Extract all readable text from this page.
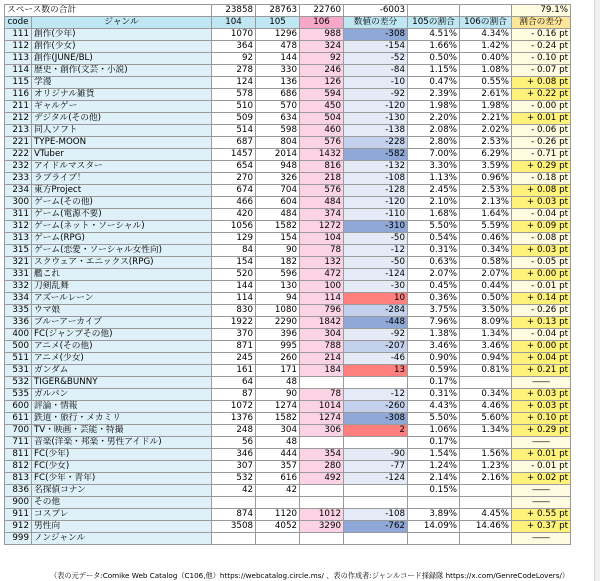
スペース数の合計		23858	28763	22760	-6003			79.1%
code	ジャンル	104	105	106	数値の差分	105の割合	106の割合	割合の差分
111	創作(少年)	1070	1296	988	-308	4.51%	4.34%	- 0.16 pt
112	創作(少女)	364	478	324	-154	1.66%	1.42%	- 0.24 pt
113	創作(JUNE/BL)	92	144	92	-52	0.50%	0.40%	- 0.10 pt
114	歴史・創作(文芸・小説)	278	330	246	-84	1.15%	1.08%	- 0.07 pt
115	学漫	124	136	126	-10	0.47%	0.55%	+ 0.08 pt
116	オリジナル雑貨	578	686	594	-92	2.39%	2.61%	+ 0.22 pt
211	ギャルゲー	510	570	450	-120	1.98%	1.98%	- 0.00 pt
212	デジタル(その他)	509	634	504	-130	2.20%	2.21%	+ 0.01 pt
213	同人ソフト	514	598	460	-138	2.08%	2.02%	- 0.06 pt
221	TYPE-MOON	687	804	576	-228	2.80%	2.53%	- 0.26 pt
222	VTuber	1457	2014	1432	-582	7.00%	6.29%	- 0.71 pt
232	アイドルマスター	654	948	816	-132	3.30%	3.59%	+ 0.29 pt
233	ラブライブ！	270	326	218	-108	1.13%	0.96%	- 0.18 pt
234	東方Project	674	704	576	-128	2.45%	2.53%	+ 0.08 pt
300	ゲーム(その他)	466	604	484	-120	2.10%	2.13%	+ 0.03 pt
311	ゲーム(電源不要)	420	484	374	-110	1.68%	1.64%	- 0.04 pt
312	ゲーム(ネット・ソーシャル)	1056	1582	1272	-310	5.50%	5.59%	+ 0.09 pt
313	ゲーム(RPG)	129	154	104	-50	0.54%	0.46%	- 0.08 pt
315	ゲーム(恋愛・ソーシャル女性向)	84	90	78	-12	0.31%	0.34%	+ 0.03 pt
321	スクウェア・エニックス(RPG)	154	182	132	-50	0.63%	0.58%	- 0.05 pt
331	艦これ	520	596	472	-124	2.07%	2.07%	+ 0.00 pt
332	刀剣乱舞	144	130	100	-30	0.45%	0.44%	- 0.01 pt
334	アズールレーン	114	94	114	10	0.36%	0.50%	+ 0.14 pt
335	ウマ娘	830	1080	796	-284	3.75%	3.50%	- 0.26 pt
336	ブルーアーカイブ	1922	2290	1842	-448	7.96%	8.09%	+ 0.13 pt
400	FC(ジャンプその他)	370	396	304	-92	1.38%	1.34%	- 0.04 pt
500	アニメ(その他)	871	995	788	-207	3.46%	3.46%	+ 0.00 pt
511	アニメ(少女)	245	260	214	-46	0.90%	0.94%	+ 0.04 pt
531	ガンダム	161	171	184	13	0.59%	0.81%	+ 0.21 pt
532	TIGER&BUNNY	64	48			0.17%		――
535	ガルパン	87	90	78	-12	0.31%	0.34%	+ 0.03 pt
600	評論・情報	1072	1274	1014	-260	4.43%	4.46%	+ 0.03 pt
611	鉄道・旅行・メカミリ	1376	1582	1274	-308	5.50%	5.60%	+ 0.10 pt
700	TV・映画・芸能・特撮	248	304	306	2	1.06%	1.34%	+ 0.29 pt
711	音楽(洋楽・邦楽・男性アイドル)	56	48			0.17%		――
811	FC(少年)	346	444	354	-90	1.54%	1.56%	+ 0.01 pt
812	FC(少女)	307	357	280	-77	1.24%	1.23%	- 0.01 pt
813	FC(少年・青年)	532	616	492	-124	2.14%	2.16%	+ 0.02 pt
836	名探偵コナン	42	42			0.15%		――
900	その他							――
911	コスプレ	874	1120	1012	-108	3.89%	4.45%	+ 0.55 pt
912	男性向	3508	4052	3290	-762	14.09%	14.46%	+ 0.37 pt
999	ノンジャンル							――
（表の元データ:Comike Web Catalog（C106,他）https://webcatalog.circle.ms/ 、表の作成者:ジャンルコード採録隊 https://x.com/GenreCodeLovers/）
